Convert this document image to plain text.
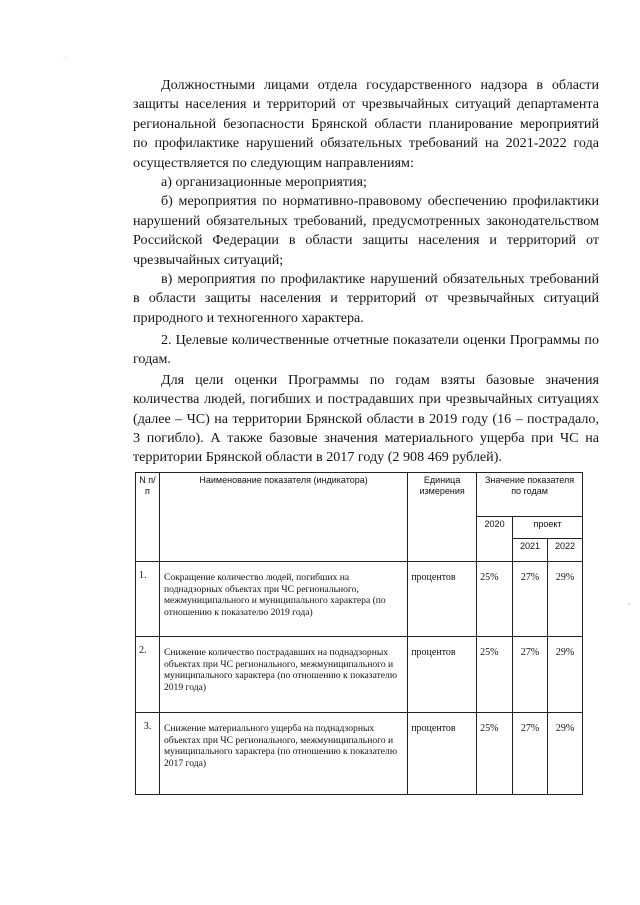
·.
,

Должностными лицами отдела государственного надзора в области защиты населения и территорий от чрезвычайных ситуаций департамента региональной безопасности Брянской области планирование мероприятий по профилактике нарушений обязательных требований на 2021-2022 года осуществляется по следующим направлениям:

а) организационные мероприятия;

б) мероприятия по нормативно-правовому обеспечению профилактики нарушений обязательных требований, предусмотренных законодательством Российской Федерации в области защиты населения и территорий от чрезвычайных ситуаций;

в) мероприятия по профилактике нарушений обязательных требований в области защиты населения и территорий от чрезвычайных ситуаций природного и техногенного характера.

2. Целевые количественные отчетные показатели оценки Программы по годам.

Для цели оценки Программы по годам взяты базовые значения количества людей, погибших и пострадавших при чрезвычайных ситуациях (далее – ЧС) на территории Брянской области в 2019 году (16 – пострадало, 3 погибло). А также базовые значения материального ущерба при ЧС на территории Брянской области в 2017 году (2 908 469 рублей).

N п/п	Наименование показателя (индикатора)	Единица измерения	Значение показателя по годам		
			2020	проект	
				2021	2022
1.	Сокращение количество людей, погибших на поднадзорных объектах при ЧС регионального, межмуниципального и муниципального характера (по отношению к показателю 2019 года)	процентов	25%	27%	29%
2.	Снижение количество пострадавших на поднадзорных объектах при ЧС регионального, межмуниципального и муниципального характера (по отношению к показателю 2019 года)	процентов	25%	27%	29%
3.	Снижение материального ущерба на поднадзорных объектах при ЧС регионального, межмуниципального и муниципального характера (по отношению к показателю 2017 года)	процентов	25%	27%	29%
